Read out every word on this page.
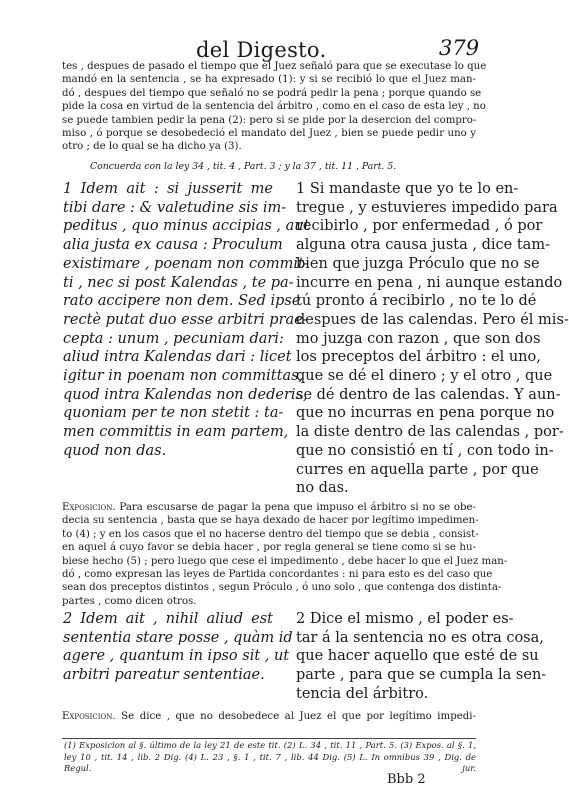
del Digesto.	379
tes , despues de pasado el tiempo que el Juez señaló para que se executase lo que
mandó en la sentencia , se ha expresado (1): y si se recibió lo que el Juez man-
dó , despues del tiempo que señaló no se podrá pedir la pena ; porque quando se
pide la cosa en virtud de la sentencia del árbitro , como en el caso de esta ley , no
se puede tambien pedir la pena (2): pero si se pide por la desercion del compro-
miso , ó porque se desobedeció el mandato del Juez , bien se puede pedir uno y
otro ; de lo qual se ha dicho ya (3).
Concuerda con la ley 34 , tit. 4 , Part. 3 ; y la 37 , tit. 11 , Part. 5.
1 Idem ait : si jusserit me
tibi dare : & valetudine sis im-
peditus , quo minus accipias , aut
alia justa ex causa : Proculum
existimare , poenam non commit-
ti , nec si post Kalendas , te pa-
rato accipere non dem. Sed ipse
rectè putat duo esse arbitri prae-
cepta : unum , pecuniam dari:
aliud intra Kalendas dari : licet
igitur in poenam non committas,
quod intra Kalendas non dederis,
quoniam per te non stetit : ta-
men committis in eam partem,
quod non das.
1 Si mandaste que yo te lo en-
tregue , y estuvieres impedido para
recibirlo , por enfermedad , ó por
alguna otra causa justa , dice tam-
bien que juzga Próculo que no se
incurre en pena , ni aunque estando
tú pronto á recibirlo , no te lo dé
despues de las calendas. Pero él mis-
mo juzga con razon , que son dos
los preceptos del árbitro : el uno,
que se dé el dinero ; y el otro , que
se dé dentro de las calendas. Y aun-
que no incurras en pena porque no
la diste dentro de las calendas , por-
que no consistió en tí , con todo in-
curres en aquella parte , por que
no das.
Exposicion. Para escusarse de pagar la pena que impuso el árbitro si no se obe-
decia su sentencia , basta que se haya dexado de hacer por legítimo impedimen-
to (4) ; y en los casos que el no hacerse dentro del tiempo que se debia , consist-
en aquel á cuyo favor se debia hacer , por regla general se tiene como si se hu-
biese hecho (5) ; pero luego que cese el impedimento , debe hacer lo que el Juez man-
dó , como expresan las leyes de Partida concordantes : ni para esto es del caso que
sean dos preceptos distintos , segun Próculo , ó uno solo , que contenga dos distinta-
partes , como dicen otros.
2 Idem ait , nihil aliud est
sententia stare posse , quàm id
agere , quantum in ipso sit , ut
arbitri pareatur sententiae.
2 Dice el mismo , el poder es-
tar á la sentencia no es otra cosa,
que hacer aquello que esté de su
parte , para que se cumpla la sen-
tencia del árbitro.
Exposicion. Se dice , que no desobedece al Juez el que por legítimo impedi-
(1) Exposicion al §. último de la ley 21 de este tit. (2) L. 34 , tit. 11 , Part. 5. (3) Expos. al §. 1,
ley 10 , tit. 14 , lib. 2 Dig. (4) L. 23 , §. 1 , tit. 7 , lib. 44 Dig. (5) L. In omnibus 39 , Dig. de
Regul. jur.
Bbb 2
